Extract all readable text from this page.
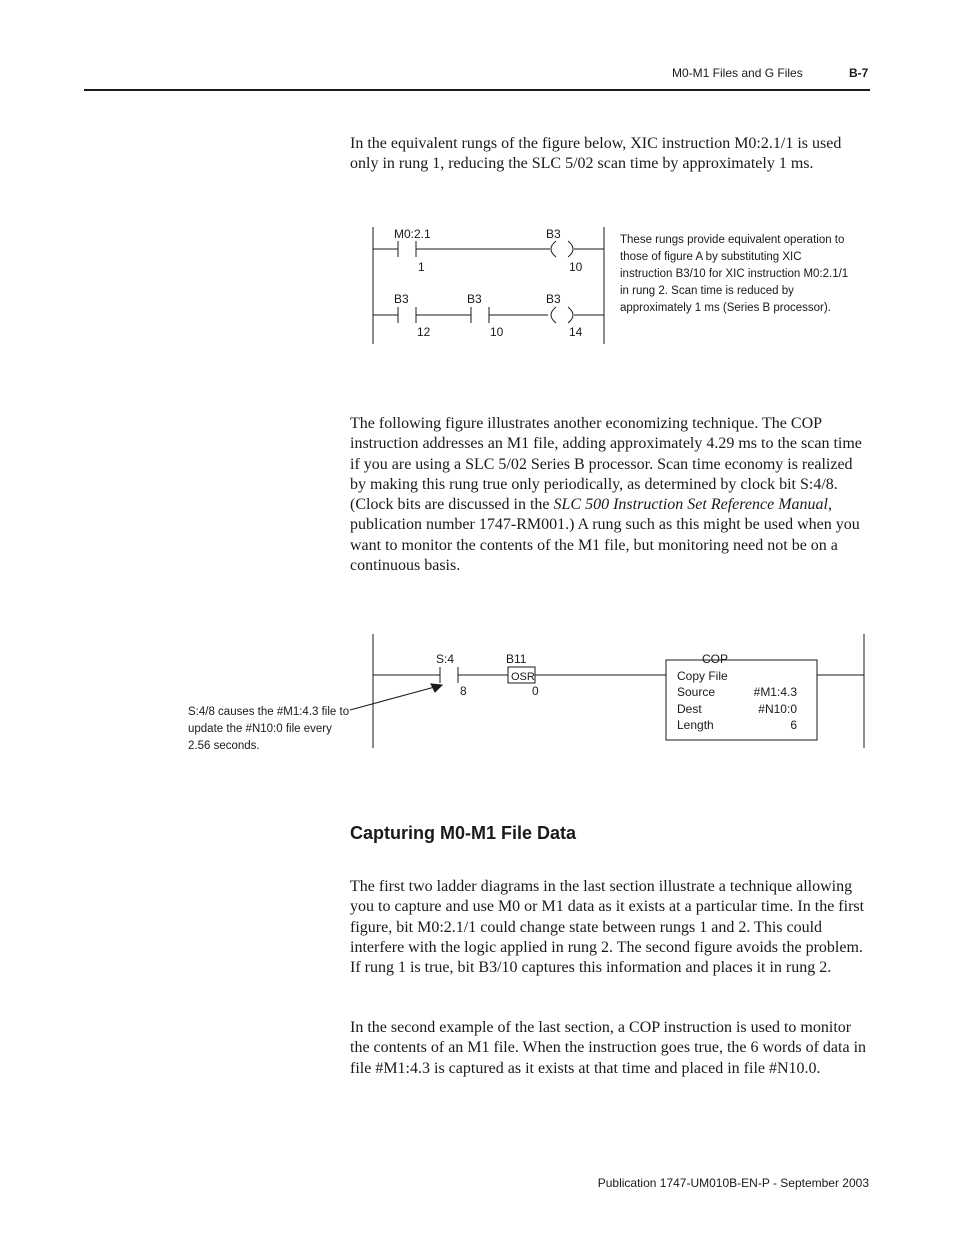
M0-M1 Files and G Files	B-7

In the equivalent rungs of the figure below, XIC instruction M0:2.1/1 is used only in rung 1, reducing the SLC 5/02 scan time by approximately 1 ms.

M0:2.1
1
B3
10
B3
12
B3
10
B3
14
These rungs provide equivalent operation to
those of figure A by substituting XIC
instruction B3/10 for XIC instruction M0:2.1/1
in rung 2. Scan time is reduced by
approximately 1 ms (Series B processor).

The following figure illustrates another economizing technique. The COP instruction addresses an M1 file, adding approximately 4.29 ms to the scan time if you are using a SLC 5/02 Series B processor. Scan time economy is realized by making this rung true only periodically, as determined by clock bit S:4/8. (Clock bits are discussed in the SLC 500 Instruction Set Reference Manual, publication number 1747-RM001.) A rung such as this might be used when you want to monitor the contents of the M1 file, but monitoring need not be on a continuous basis.

OSR
COP
Copy File
Source	#M1:4.3
Dest	#N10:0
Length	6
S:4
8
B11
0
S:4/8 causes the #M1:4.3 file to
update the #N10:0 file every
2.56 seconds.
Capturing M0-M1 File Data

The first two ladder diagrams in the last section illustrate a technique allowing you to capture and use M0 or M1 data as it exists at a particular time. In the first figure, bit M0:2.1/1 could change state between rungs 1 and 2. This could interfere with the logic applied in rung 2. The second figure avoids the problem. If rung 1 is true, bit B3/10 captures this information and places it in rung 2.

In the second example of the last section, a COP instruction is used to monitor the contents of an M1 file. When the instruction goes true, the 6 words of data in file #M1:4.3 is captured as it exists at that time and placed in file #N10.0.

Publication 1747-UM010B-EN-P - September 2003
